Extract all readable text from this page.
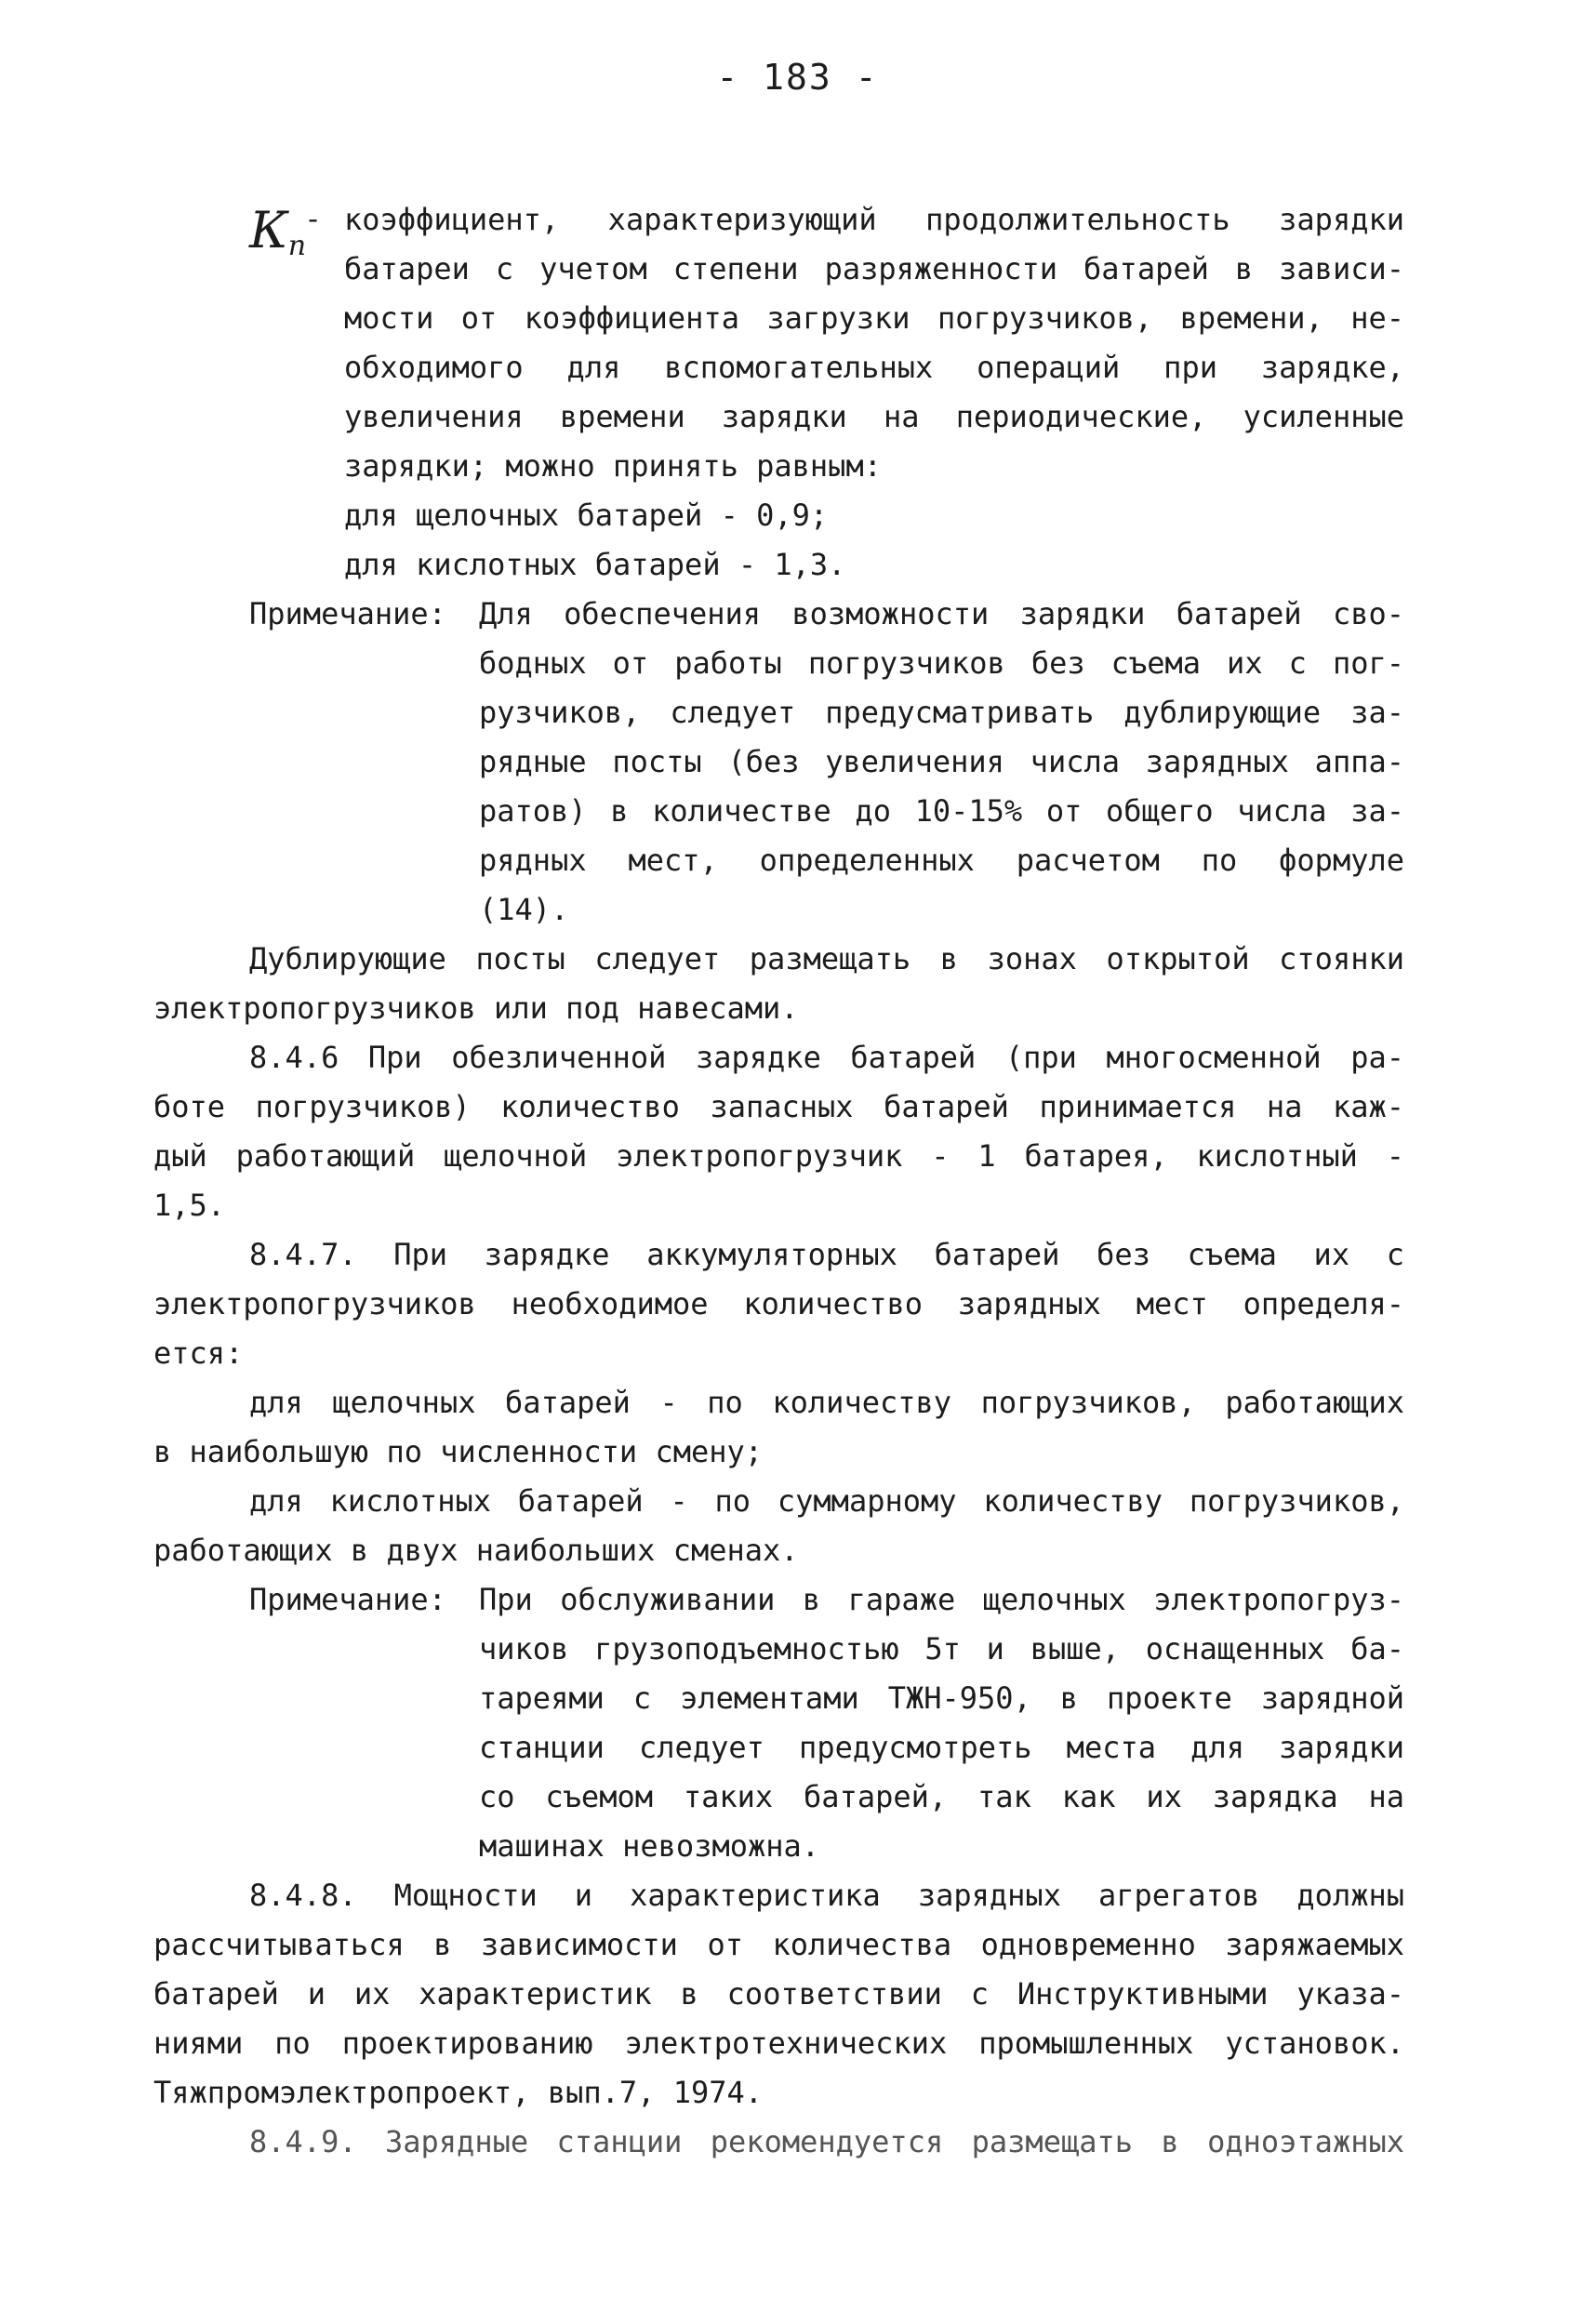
- 183 -
$К_п^-$ коэффициент, характеризующий продолжительность зарядки
батареи с учетом степени разряженности батарей в зависи-
мости от коэффициента загрузки погрузчиков, времени, не-
обходимого для вспомогательных операций при зарядке,
увеличения времени зарядки на периодические, усиленные
зарядки; можно принять равным:
для щелочных батарей - 0,9;
для кислотных батарей - 1,3.
Примечание: Для обеспечения возможности зарядки батарей сво-
бодных от работы погрузчиков без съема их с пог-
рузчиков, следует предусматривать дублирующие за-
рядные посты (без увеличения числа зарядных аппа-
ратов) в количестве до 10-15% от общего числа за-
рядных мест, определенных расчетом по формуле
(14).
Дублирующие посты следует размещать в зонах открытой стоянки
электропогрузчиков или под навесами.
8.4.6 При обезличенной зарядке батарей (при многосменной ра-
боте погрузчиков) количество запасных батарей принимается на каж-
дый работающий щелочной электропогрузчик - 1 батарея, кислотный -
1,5.
8.4.7. При зарядке аккумуляторных батарей без съема их с
электропогрузчиков необходимое количество зарядных мест определя-
ется:
для щелочных батарей - по количеству погрузчиков, работающих
в наибольшую по численности смену;
для кислотных батарей - по суммарному количеству погрузчиков,
работающих в двух наибольших сменах.
Примечание: При обслуживании в гараже щелочных электропогруз-
чиков грузоподъемностью 5т и выше, оснащенных ба-
тареями с элементами ТЖН-950, в проекте зарядной
станции следует предусмотреть места для зарядки
со съемом таких батарей, так как их зарядка на
машинах невозможна.
8.4.8. Мощности и характеристика зарядных агрегатов должны
рассчитываться в зависимости от количества одновременно заряжаемых
батарей и их характеристик в соответствии с Инструктивными указа-
ниями по проектированию электротехнических промышленных установок.
Тяжпромэлектропроект, вып.7, 1974.
8.4.9. Зарядные станции рекомендуется размещать в одноэтажных
